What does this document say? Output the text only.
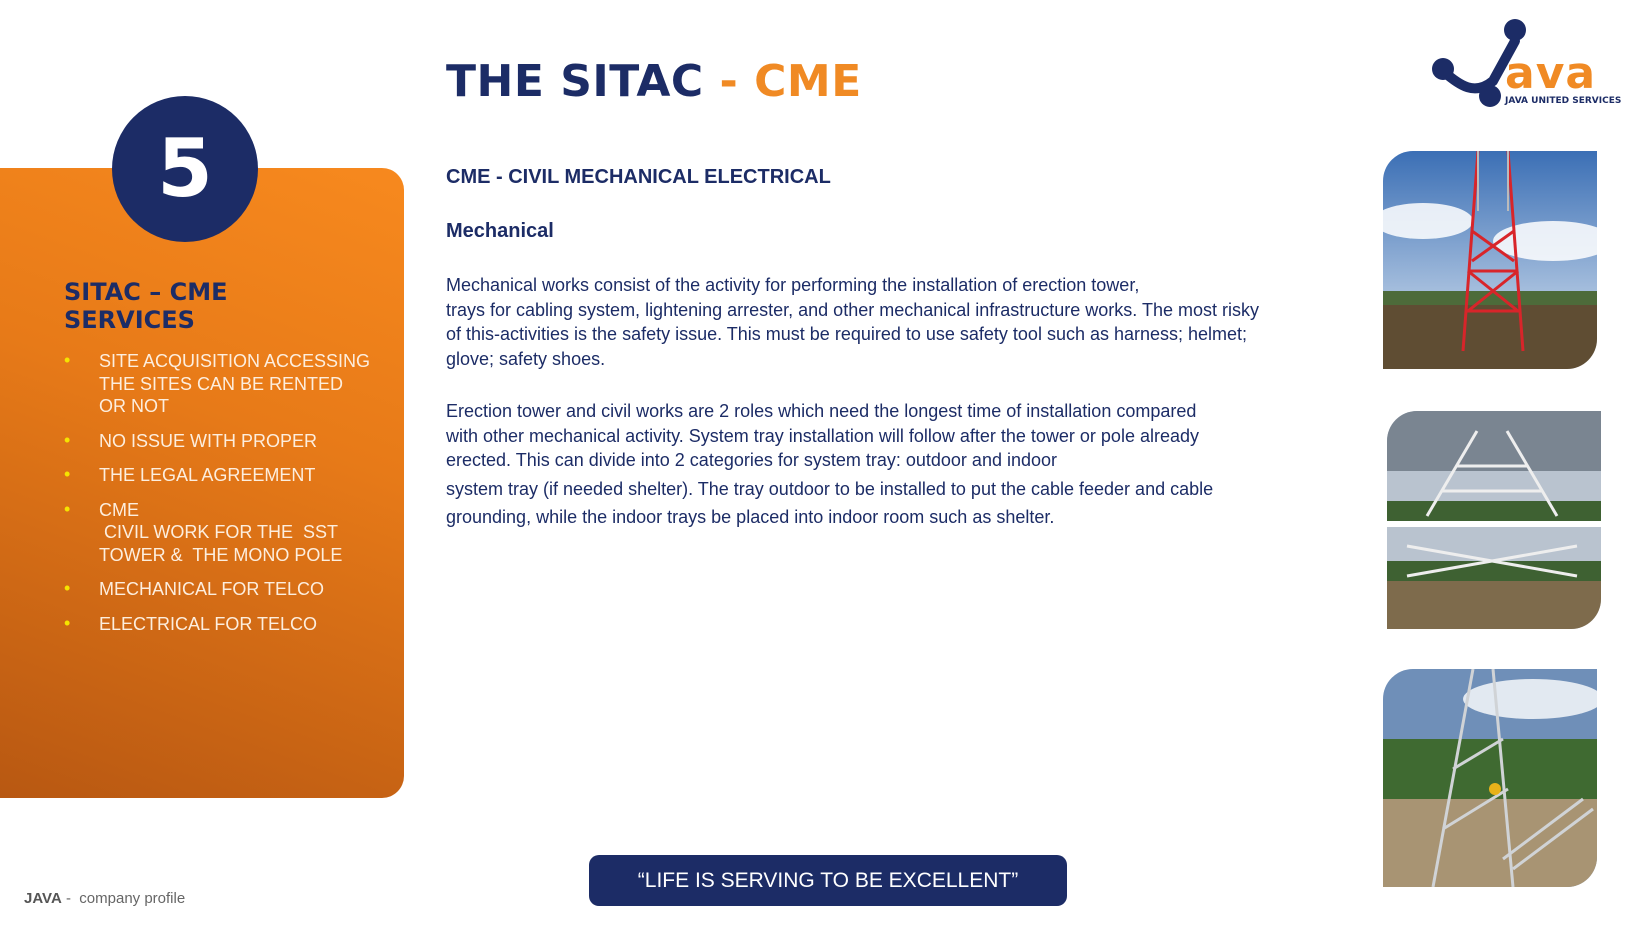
THE SITAC - CME	ava
JAVA UNITED SERVICES
5
SITAC – CME
SERVICES
• SITE ACQUISITION ACCESSING
THE SITES CAN BE RENTED
OR NOT
• NO ISSUE WITH PROPER
• THE LEGAL AGREEMENT
• CME
CIVIL WORK FOR THE  SST
TOWER &  THE MONO POLE
• MECHANICAL FOR TELCO
• ELECTRICAL FOR TELCO
CME - CIVIL MECHANICAL ELECTRICAL
Mechanical

Mechanical works consist of the activity for performing the installation of erection tower,

trays for cabling system, lightening arrester, and other mechanical infrastructure works. The most risky

of this-activities is the safety issue. This must be required to use safety tool such as harness; helmet;

glove; safety shoes.

Erection tower and civil works are 2 roles which need the longest time of installation compared

with other mechanical activity. System tray installation will follow after the tower or pole already

erected. This can divide into 2 categories for system tray: outdoor and indoor

system tray (if needed shelter). The tray outdoor to be installed to put the cable feeder and cable

grounding, while the indoor trays be placed into indoor room such as shelter.

“LIFE IS SERVING TO BE EXCELLENT”
JAVA -  company profile
